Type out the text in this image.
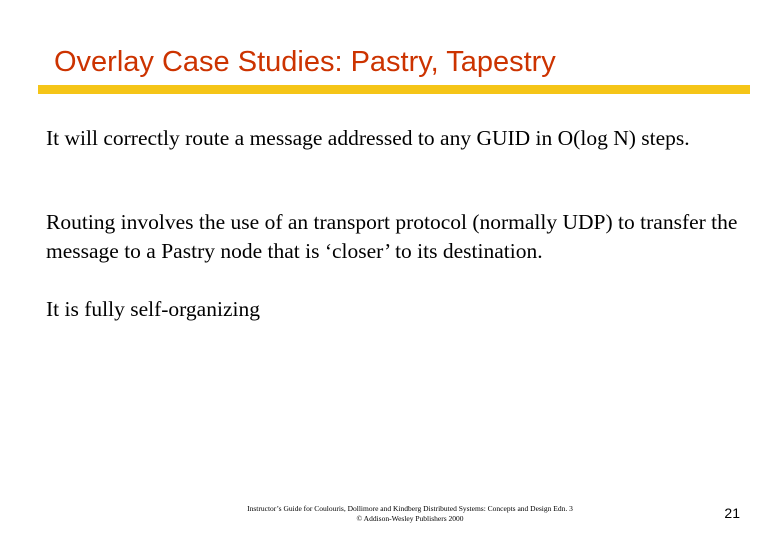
Overlay Case Studies: Pastry, Tapestry
It will correctly route a message addressed to any GUID in O(log N) steps.
Routing involves the use of an transport protocol (normally UDP) to transfer the message to a Pastry node that is ‘closer’ to its destination.
It is fully self-organizing
Instructor’s Guide for Coulouris, Dollimore and Kindberg Distributed Systems: Concepts and Design Edn. 3
© Addison-Wesley Publishers 2000	21
